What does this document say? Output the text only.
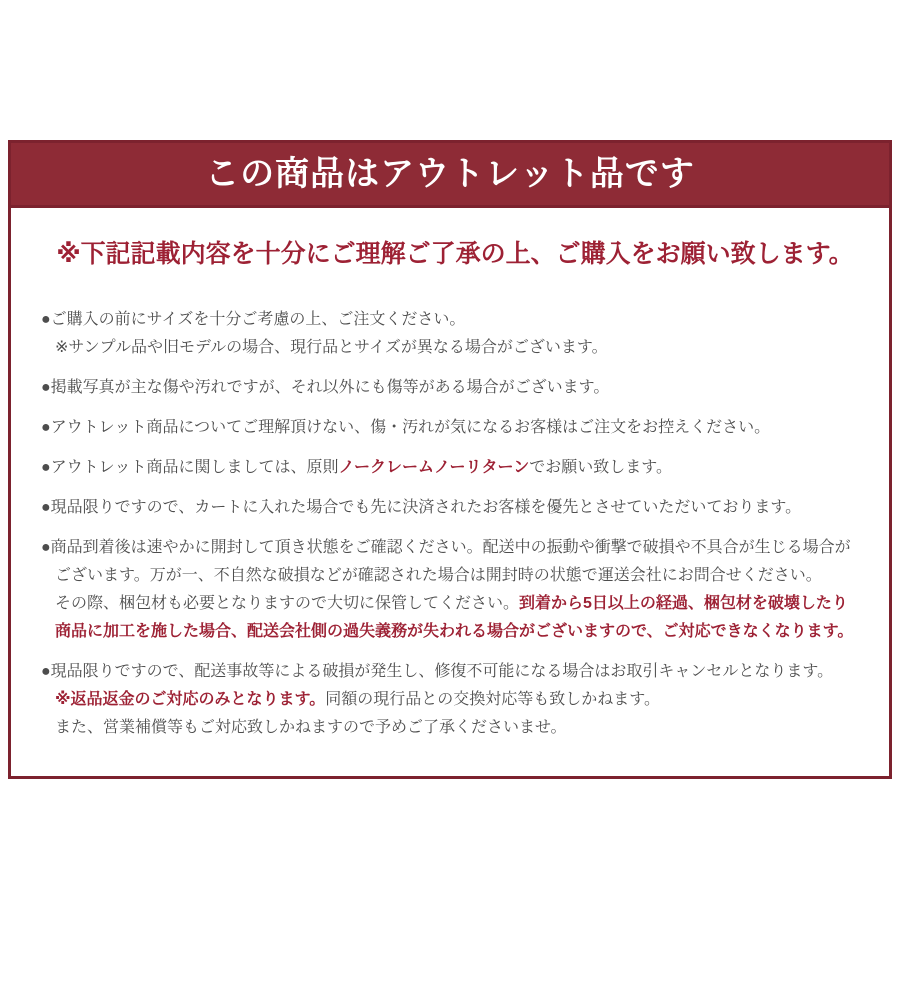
この商品はアウトレット品です
※下記記載内容を十分にご理解ご了承の上、ご購入をお願い致します。
●ご購入の前にサイズを十分ご考慮の上、ご注文ください。
※サンプル品や旧モデルの場合、現行品とサイズが異なる場合がございます。
●掲載写真が主な傷や汚れですが、それ以外にも傷等がある場合がございます。
●アウトレット商品についてご理解頂けない、傷・汚れが気になるお客様はご注文をお控えください。
●アウトレット商品に関しましては、原則ノークレームノーリターンでお願い致します。
●現品限りですので、カートに入れた場合でも先に決済されたお客様を優先とさせていただいております。
●商品到着後は速やかに開封して頂き状態をご確認ください。配送中の振動や衝撃で破損や不具合が生じる場合が
ございます。万が一、不自然な破損などが確認された場合は開封時の状態で運送会社にお問合せください。
その際、梱包材も必要となりますので大切に保管してください。到着から5日以上の経過、梱包材を破壊したり
商品に加工を施した場合、配送会社側の過失義務が失われる場合がございますので、ご対応できなくなります。
●現品限りですので、配送事故等による破損が発生し、修復不可能になる場合はお取引キャンセルとなります。
※返品返金のご対応のみとなります。同額の現行品との交換対応等も致しかねます。
また、営業補償等もご対応致しかねますので予めご了承くださいませ。
